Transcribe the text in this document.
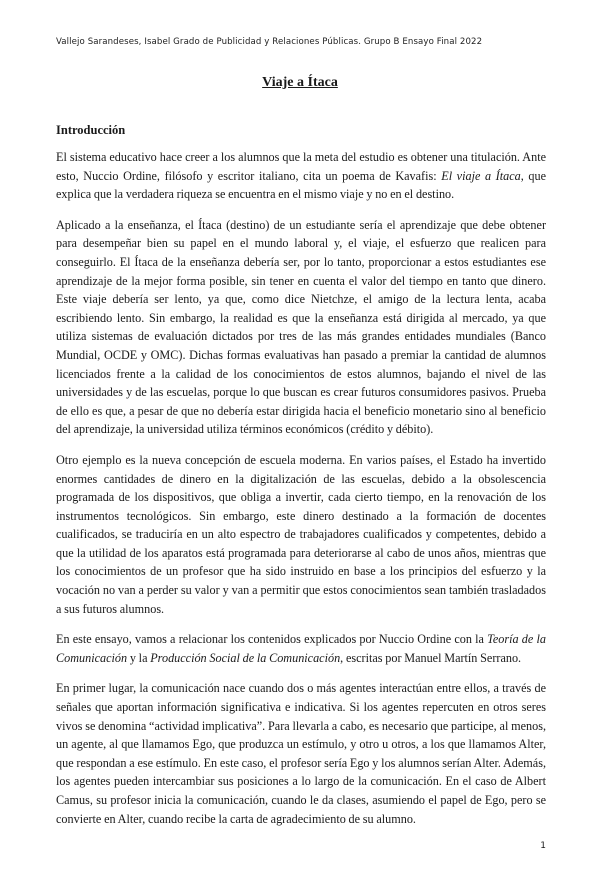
Vallejo Sarandeses, Isabel Grado de Publicidad y Relaciones Públicas. Grupo B Ensayo Final 2022
Viaje a Ítaca
Introducción

El sistema educativo hace creer a los alumnos que la meta del estudio es obtener una titulación. Ante esto, Nuccio Ordine, filósofo y escritor italiano, cita un poema de Kavafis: El viaje a Ítaca, que explica que la verdadera riqueza se encuentra en el mismo viaje y no en el destino.

Aplicado a la enseñanza, el Ítaca (destino) de un estudiante sería el aprendizaje que debe obtener para desempeñar bien su papel en el mundo laboral y, el viaje, el esfuerzo que realicen para conseguirlo. El Ítaca de la enseñanza debería ser, por lo tanto, proporcionar a estos estudiantes ese aprendizaje de la mejor forma posible, sin tener en cuenta el valor del tiempo en tanto que dinero. Este viaje debería ser lento, ya que, como dice Nietchze, el amigo de la lectura lenta, acaba escribiendo lento. Sin embargo, la realidad es que la enseñanza está dirigida al mercado, ya que utiliza sistemas de evaluación dictados por tres de las más grandes entidades mundiales (Banco Mundial, OCDE y OMC). Dichas formas evaluativas han pasado a premiar la cantidad de alumnos licenciados frente a la calidad de los conocimientos de estos alumnos, bajando el nivel de las universidades y de las escuelas, porque lo que buscan es crear futuros consumidores pasivos. Prueba de ello es que, a pesar de que no debería estar dirigida hacia el beneficio monetario sino al beneficio del aprendizaje, la universidad utiliza términos económicos (crédito y débito).

Otro ejemplo es la nueva concepción de escuela moderna. En varios países, el Estado ha invertido enormes cantidades de dinero en la digitalización de las escuelas, debido a la obsolescencia programada de los dispositivos, que obliga a invertir, cada cierto tiempo, en la renovación de los instrumentos tecnológicos. Sin embargo, este dinero destinado a la formación de docentes cualificados, se traduciría en un alto espectro de trabajadores cualificados y competentes, debido a que la utilidad de los aparatos está programada para deteriorarse al cabo de unos años, mientras que los conocimientos de un profesor que ha sido instruido en base a los principios del esfuerzo y la vocación no van a perder su valor y van a permitir que estos conocimientos sean también trasladados a sus futuros alumnos.

En este ensayo, vamos a relacionar los contenidos explicados por Nuccio Ordine con la Teoría de la Comunicación y la Producción Social de la Comunicación, escritas por Manuel Martín Serrano.

En primer lugar, la comunicación nace cuando dos o más agentes interactúan entre ellos, a través de señales que aportan información significativa e indicativa. Si los agentes repercuten en otros seres vivos se denomina “actividad implicativa”. Para llevarla a cabo, es necesario que participe, al menos, un agente, al que llamamos Ego, que produzca un estímulo, y otro u otros, a los que llamamos Alter, que respondan a ese estímulo. En este caso, el profesor sería Ego y los alumnos serían Alter. Además, los agentes pueden intercambiar sus posiciones a lo largo de la comunicación. En el caso de Albert Camus, su profesor inicia la comunicación, cuando le da clases, asumiendo el papel de Ego, pero se convierte en Alter, cuando recibe la carta de agradecimiento de su alumno.

1
